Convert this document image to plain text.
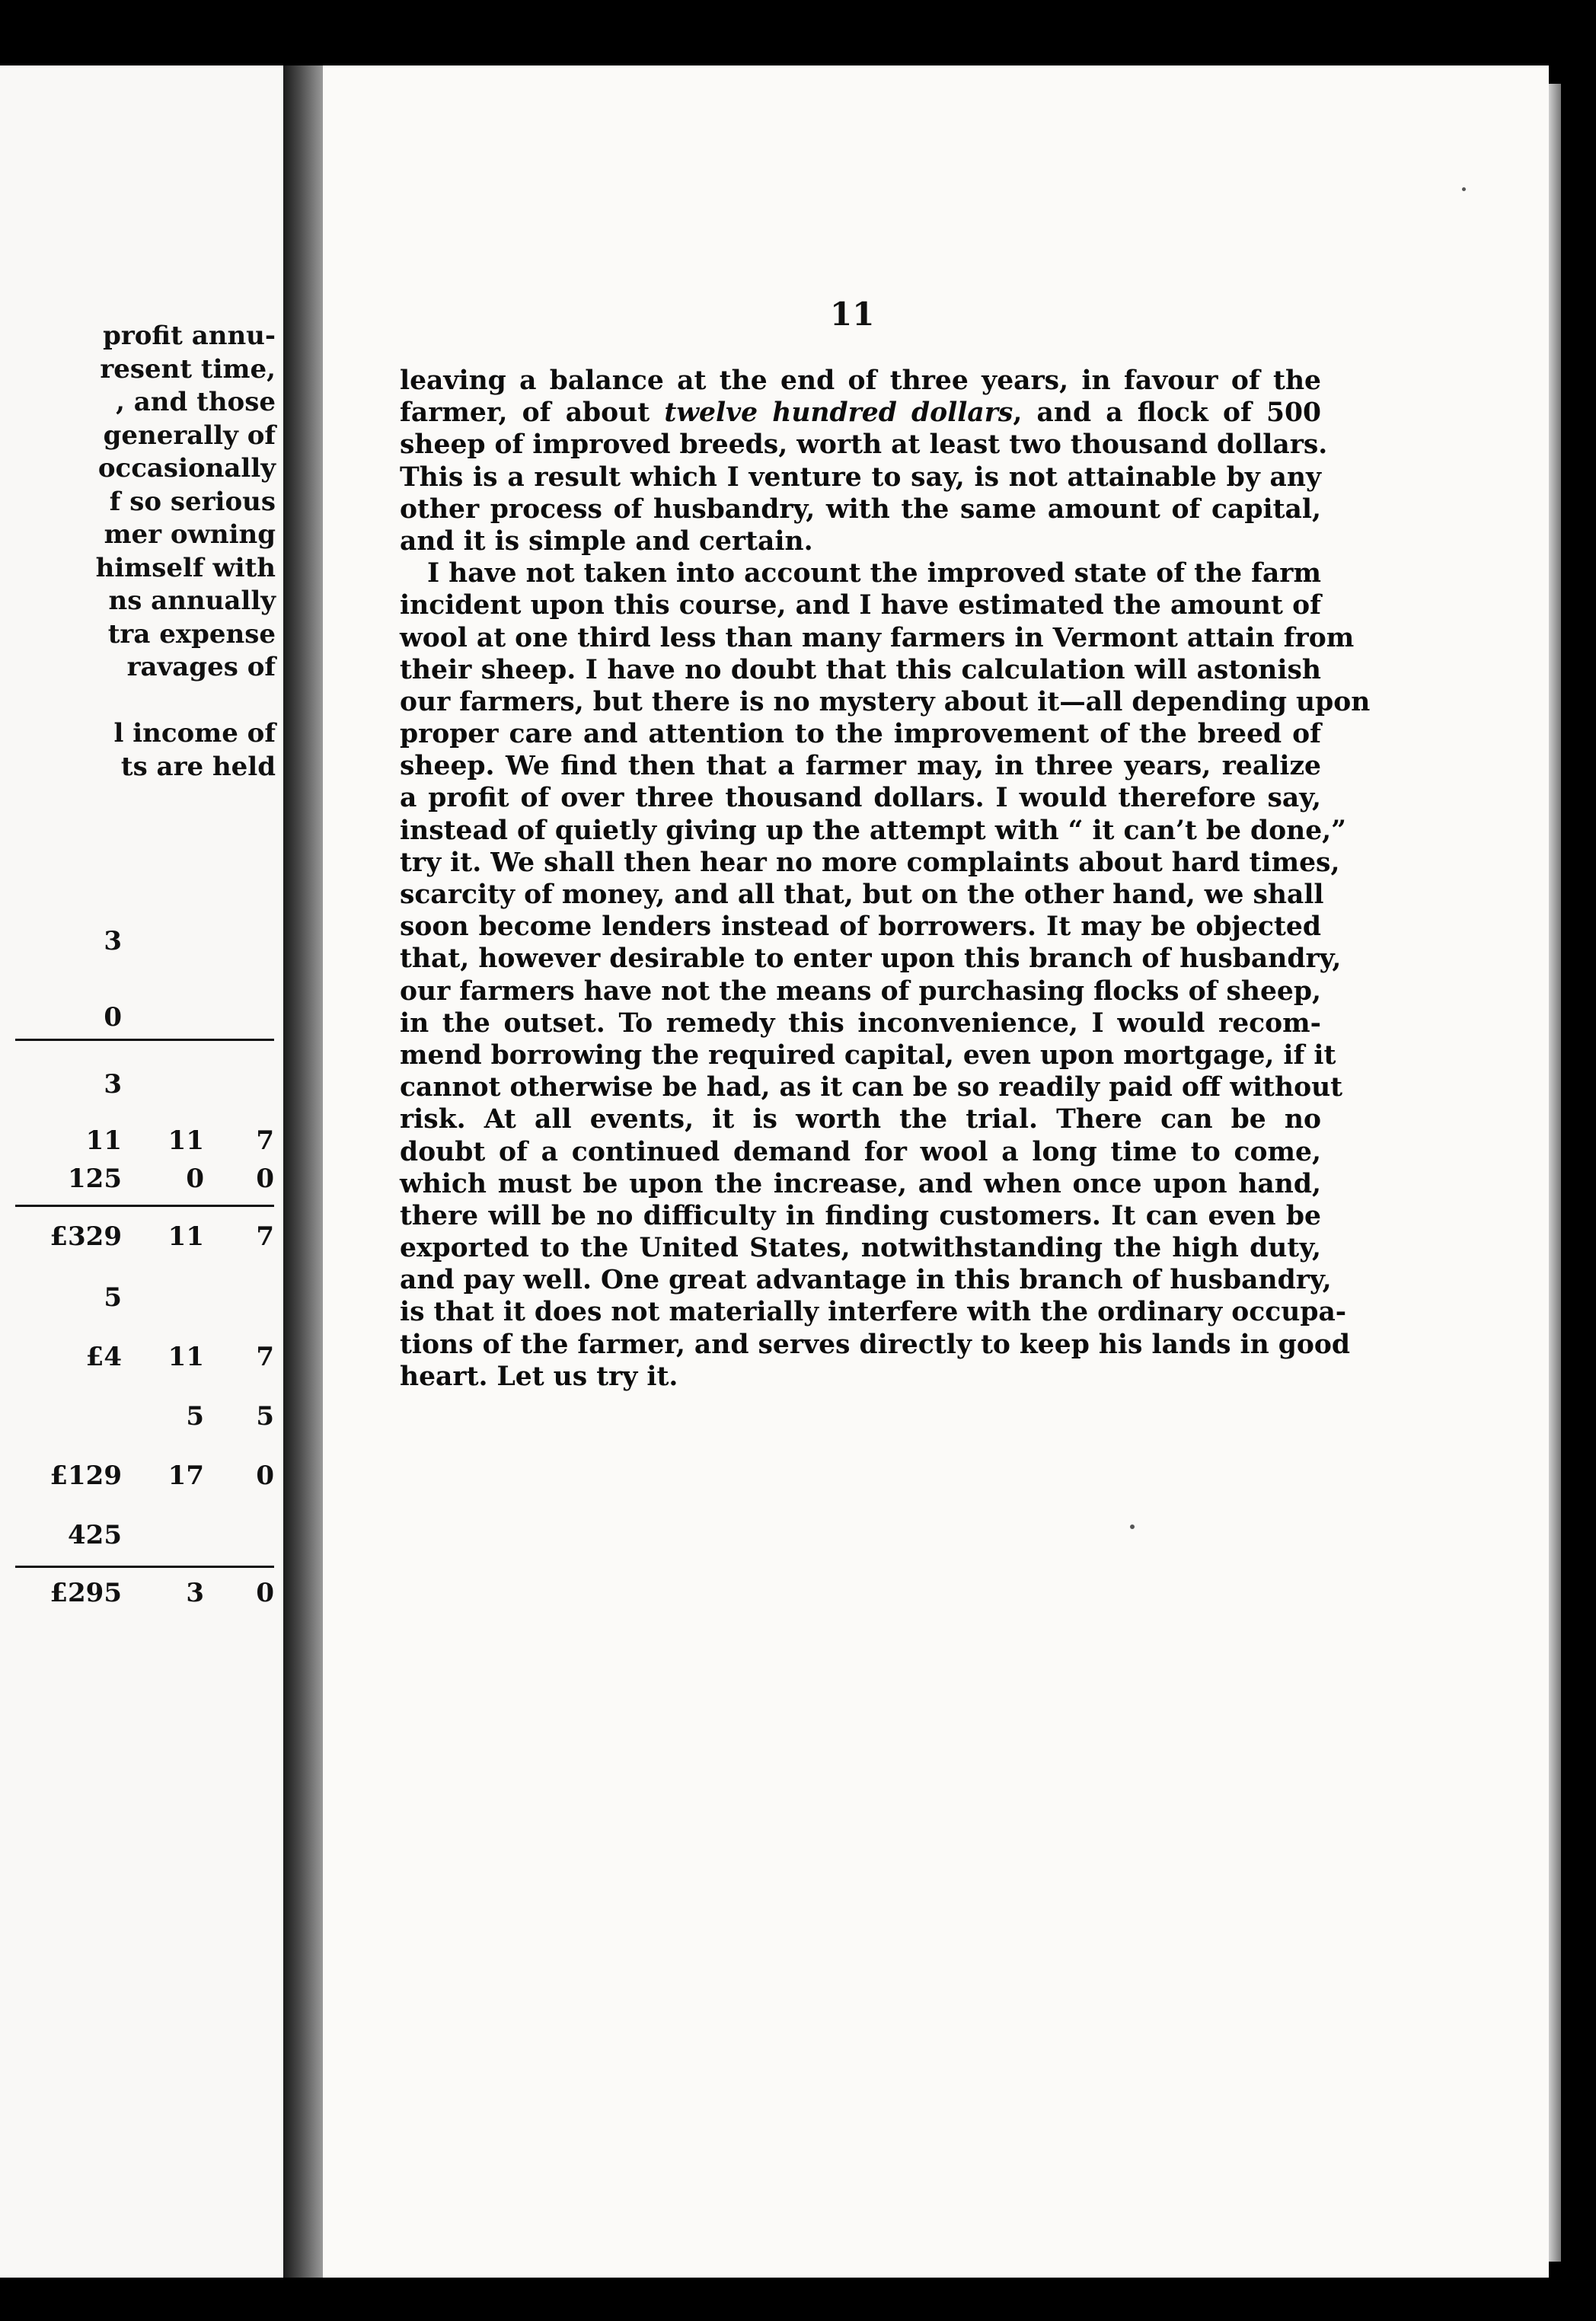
profit annu-
resent time,
, and those
generally of
occasionally
f so serious
mer owning
himself with
ns annually
tra expense
ravages of
l income of
ts are held
3
0
3
11 11 7
125 0 0
£329 11 7
5
£4 11 7
5 5
£129 17 0
425
£295 3 0
11
leaving a balance at the end of three years, in favour of the
farmer, of about twelve hundred dollars, and a flock of 500
sheep of improved breeds, worth at least two thousand dollars.
This is a result which I venture to say, is not attainable by any
other process of husbandry, with the same amount of capital,
and it is simple and certain.
I have not taken into account the improved state of the farm
incident upon this course, and I have estimated the amount of
wool at one third less than many farmers in Vermont attain from
their sheep. I have no doubt that this calculation will astonish
our farmers, but there is no mystery about it—all depending upon
proper care and attention to the improvement of the breed of
sheep. We find then that a farmer may, in three years, realize
a profit of over three thousand dollars. I would therefore say,
instead of quietly giving up the attempt with “ it can’t be done,”
try it. We shall then hear no more complaints about hard times,
scarcity of money, and all that, but on the other hand, we shall
soon become lenders instead of borrowers. It may be objected
that, however desirable to enter upon this branch of husbandry,
our farmers have not the means of purchasing flocks of sheep,
in the outset. To remedy this inconvenience, I would recom-
mend borrowing the required capital, even upon mortgage, if it
cannot otherwise be had, as it can be so readily paid off without
risk. At all events, it is worth the trial. There can be no
doubt of a continued demand for wool a long time to come,
which must be upon the increase, and when once upon hand,
there will be no difficulty in finding customers. It can even be
exported to the United States, notwithstanding the high duty,
and pay well. One great advantage in this branch of husbandry,
is that it does not materially interfere with the ordinary occupa-
tions of the farmer, and serves directly to keep his lands in good
heart. Let us try it.
